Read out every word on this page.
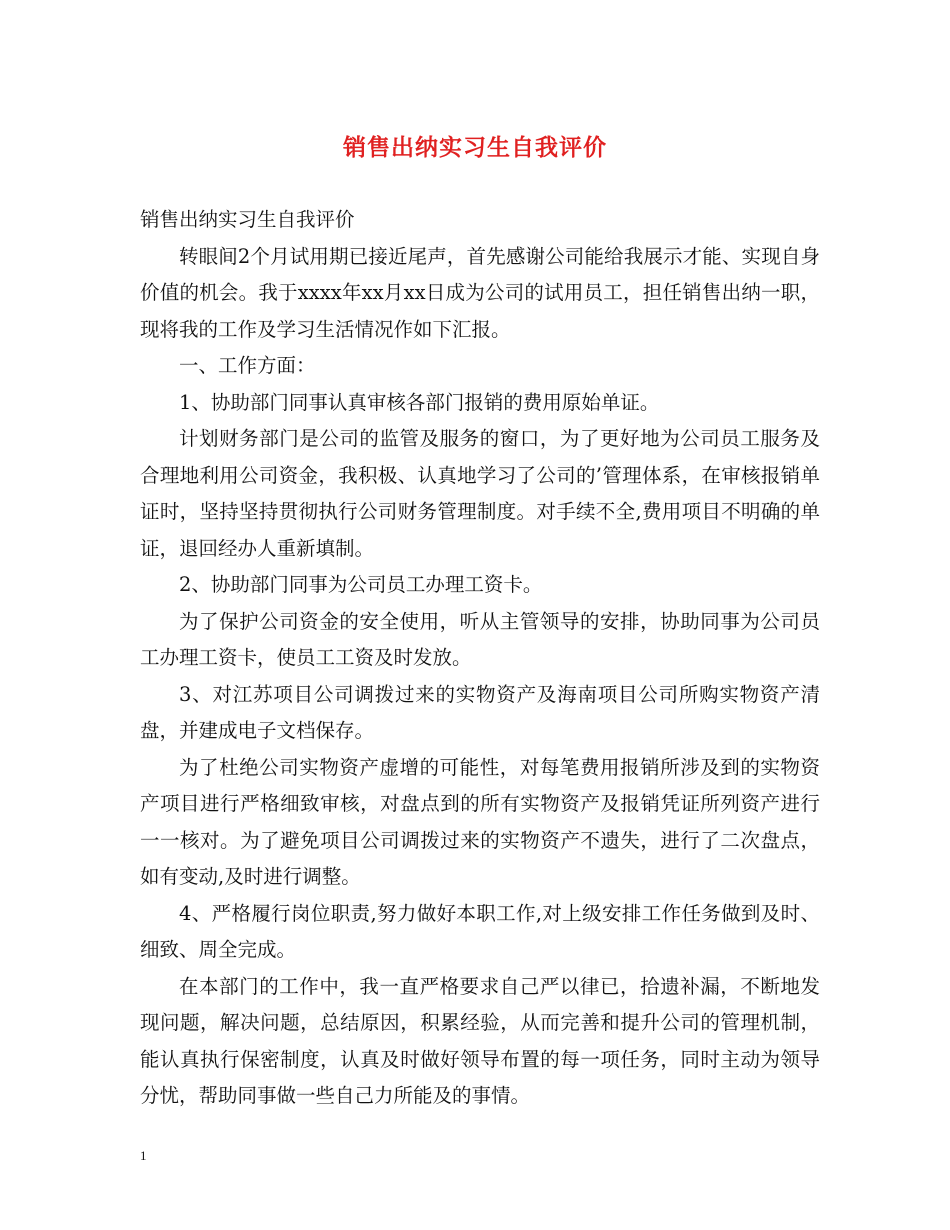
销售出纳实习生自我评价

销售出纳实习生自我评价

转眼间2个月试用期已接近尾声，首先感谢公司能给我展示才能、实现自身价值的机会。我于xxxx年xx月xx日成为公司的试用员工，担任销售出纳一职，现将我的工作及学习生活情况作如下汇报。

一、工作方面：

1、协助部门同事认真审核各部门报销的费用原始单证。

计划财务部门是公司的监管及服务的窗口，为了更好地为公司员工服务及合理地利用公司资金，我积极、认真地学习了公司的’管理体系，在审核报销单证时，坚持坚持贯彻执行公司财务管理制度。对手续不全,费用项目不明确的单证，退回经办人重新填制。

2、协助部门同事为公司员工办理工资卡。

为了保护公司资金的安全使用，听从主管领导的安排，协助同事为公司员工办理工资卡，使员工工资及时发放。

3、对江苏项目公司调拨过来的实物资产及海南项目公司所购实物资产清盘，并建成电子文档保存。

为了杜绝公司实物资产虚增的可能性，对每笔费用报销所涉及到的实物资产项目进行严格细致审核，对盘点到的所有实物资产及报销凭证所列资产进行一一核对。为了避免项目公司调拨过来的实物资产不遗失，进行了二次盘点，如有变动,及时进行调整。

4、严格履行岗位职责,努力做好本职工作,对上级安排工作任务做到及时、细致、周全完成。

在本部门的工作中，我一直严格要求自己严以律已，拾遗补漏，不断地发现问题，解决问题，总结原因，积累经验，从而完善和提升公司的管理机制，能认真执行保密制度，认真及时做好领导布置的每一项任务，同时主动为领导分忧，帮助同事做一些自己力所能及的事情。

1
